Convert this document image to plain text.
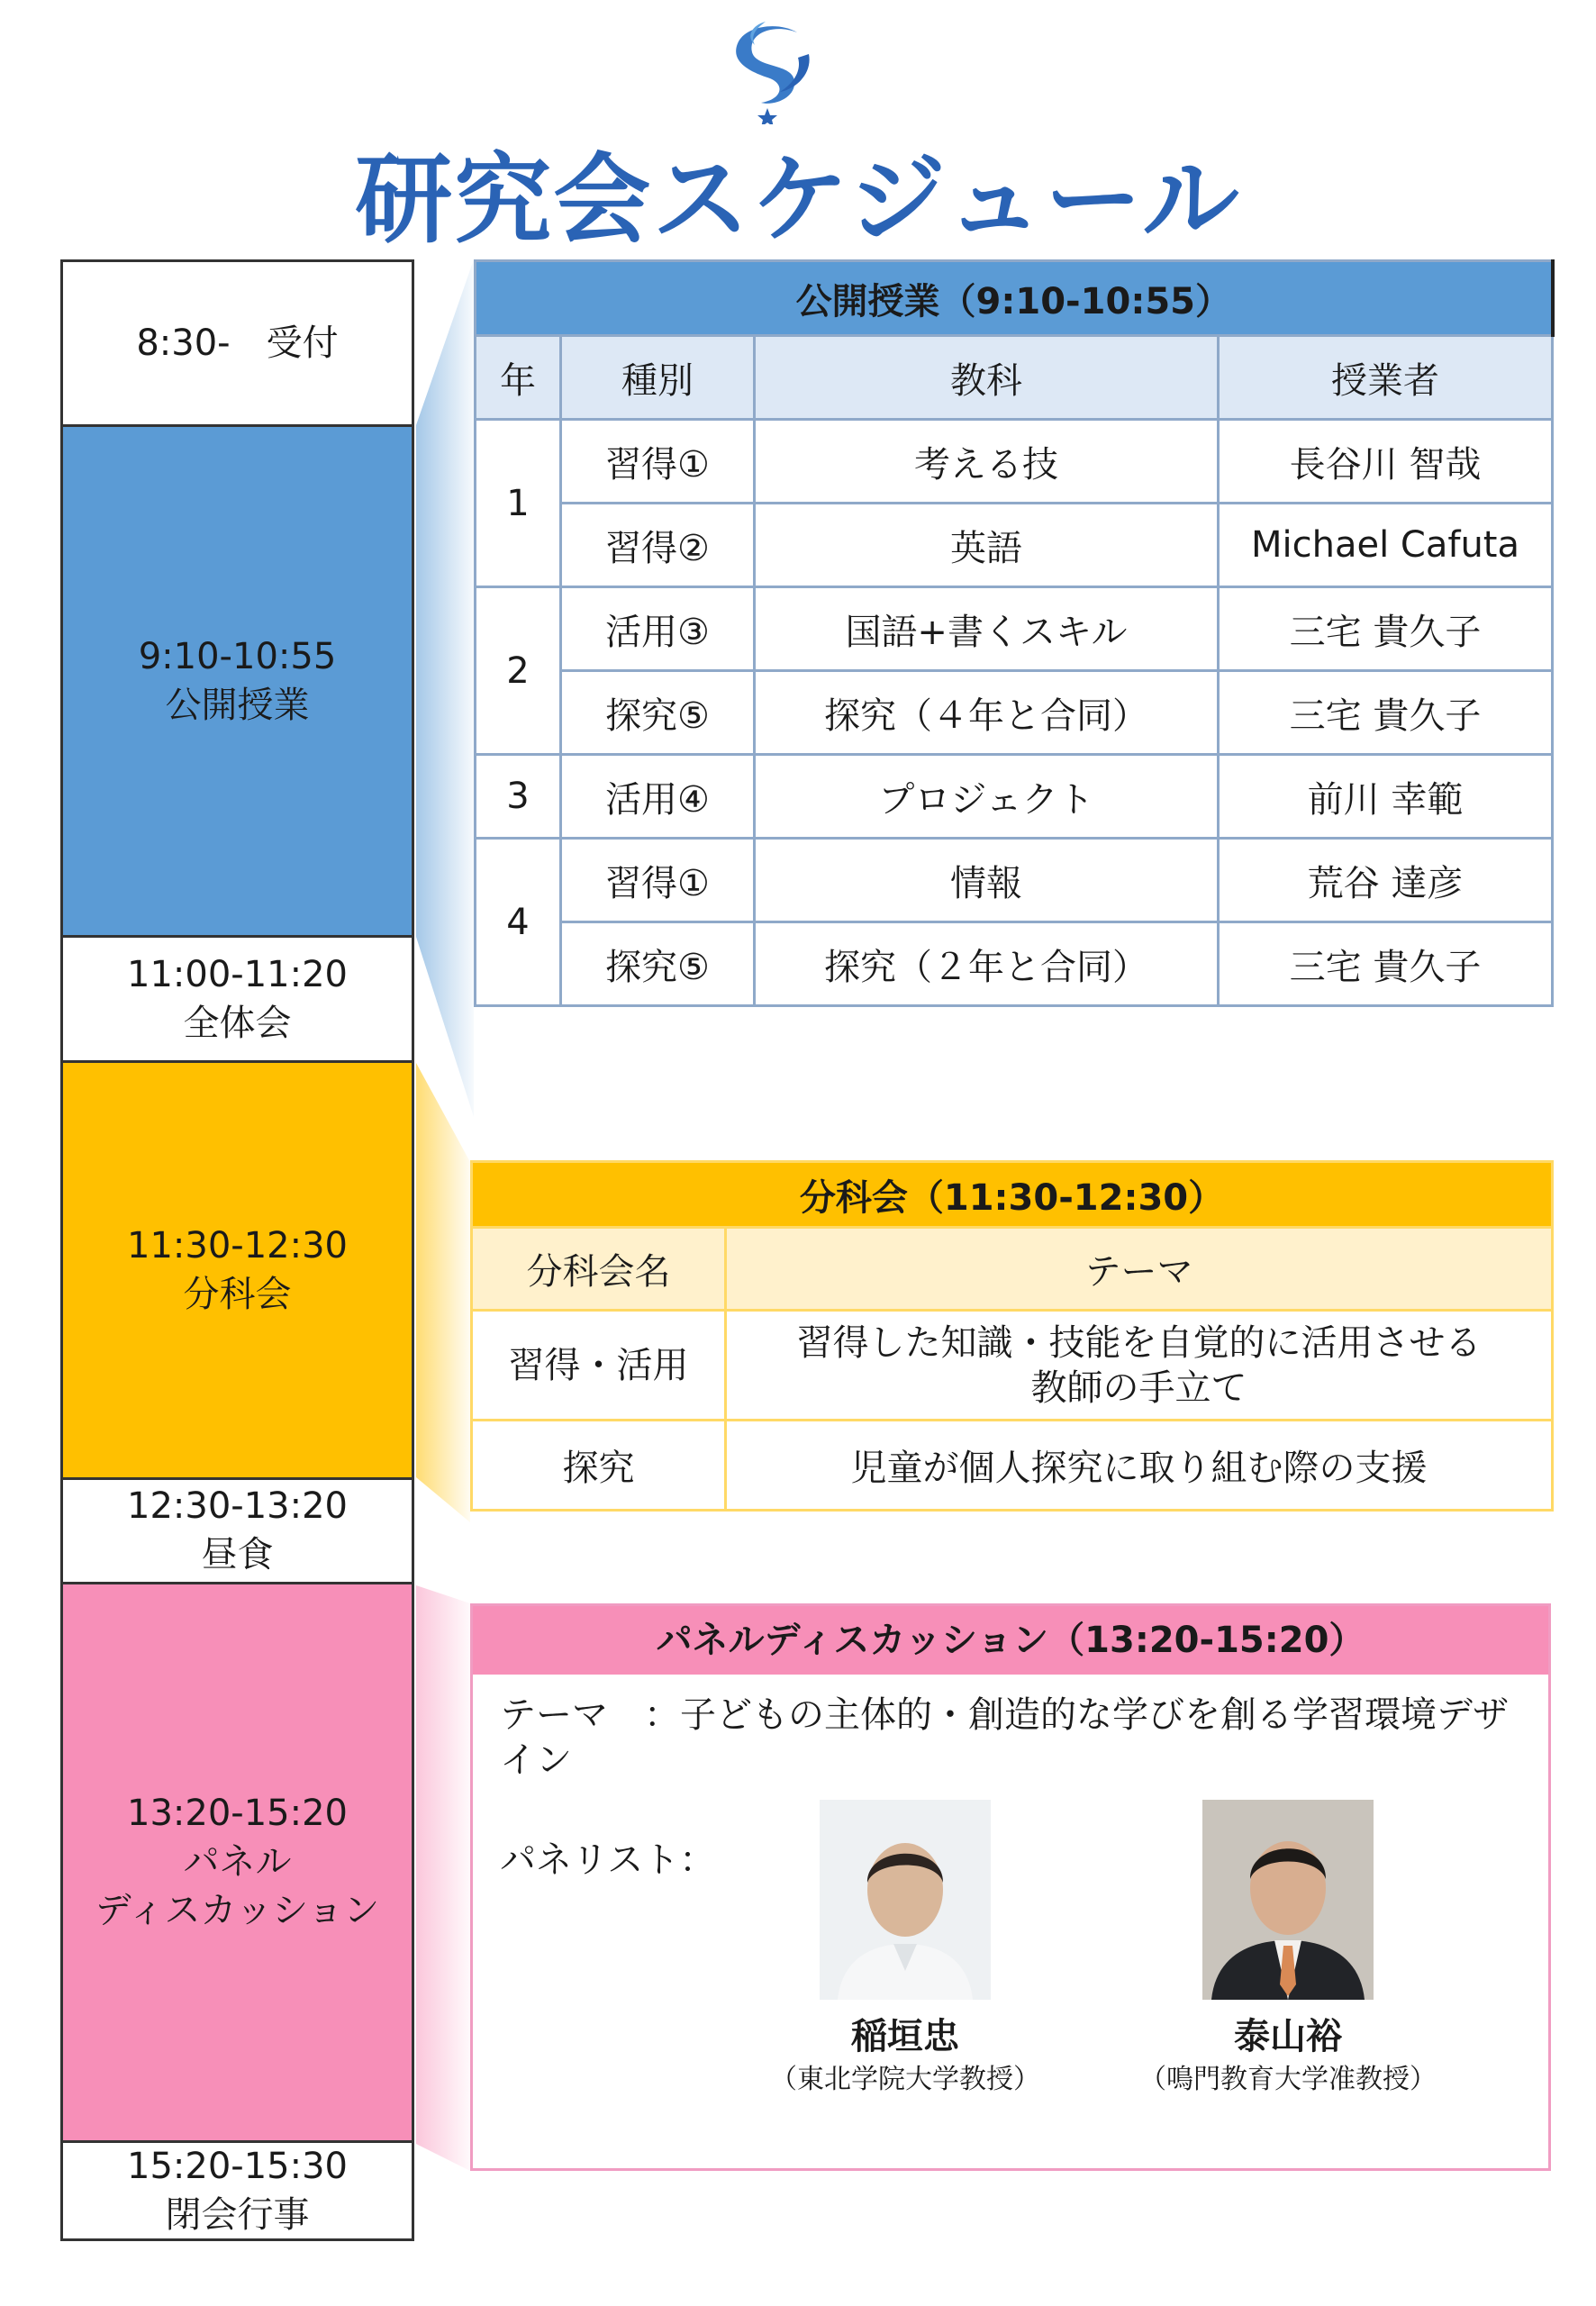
研究会スケジュール
8:30-　受付
9:10-10:55
公開授業
11:00-11:20
全体会
11:30-12:30
分科会
12:30-13:20
昼食
13:20-15:20
パネル
ディスカッション
15:20-15:30
閉会行事
公開授業（9:10-10:55）			
年	種別	教科	授業者
1	習得①	考える技	長谷川 智哉
	習得②	英語	Michael Cafuta
2	活用③	国語+書くスキル	三宅 貴久子
	探究⑤	探究（４年と合同）	三宅 貴久子
3	活用④	プロジェクト	前川 幸範
4	習得①	情報	荒谷 達彦
	探究⑤	探究（２年と合同）	三宅 貴久子
分科会（11:30-12:30）	
分科会名	テーマ
習得・活用	習得した知識・技能を自覚的に活用させる
教師の手立て
探究	児童が個人探究に取り組む際の支援
パネルディスカッション（13:20-15:20）
テーマ　：子どもの主体的・創造的な学びを創る学習環境デザイン
パネリスト：
稲垣忠
（東北学院大学教授）
泰山裕
（鳴門教育大学准教授）
